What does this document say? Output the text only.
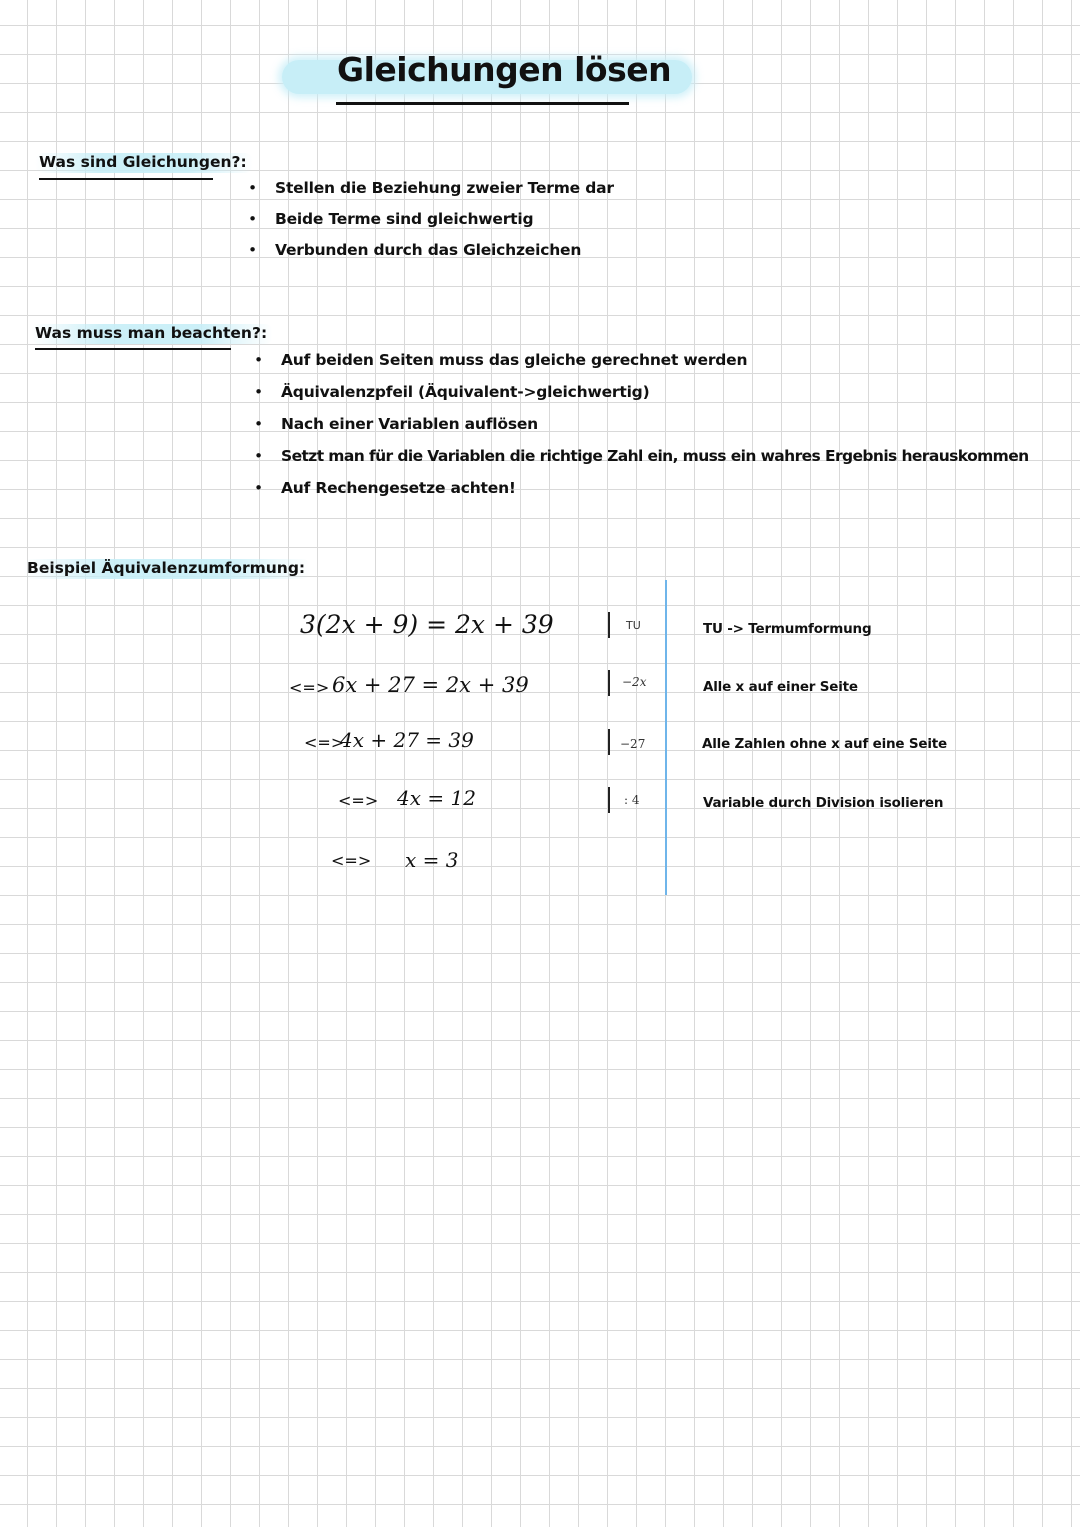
Gleichungen lösen
Was sind Gleichungen?:
• Stellen die Beziehung zweier Terme dar
• Beide Terme sind gleichwertig
• Verbunden durch das Gleichzeichen
Was muss man beachten?:
• Auf beiden Seiten muss das gleiche gerechnet werden
• Äquivalenzpfeil (Äquivalent->gleichwertig)
• Nach einer Variablen auflösen
• Setzt man für die Variablen die richtige Zahl ein, muss ein wahres Ergebnis herauskommen
• Auf Rechengesetze achten!
Beispiel Äquivalenzumformung:
3(2x + 9) = 2x + 39
<=> 6x + 27 = 2x + 39
<=>
4x + 27 = 39
<=> 4x = 12
<=> x = 3
TU
−2x
−27
: 4
TU -> Termumformung
Alle x auf einer Seite
Alle Zahlen ohne x auf eine Seite
Variable durch Division isolieren
